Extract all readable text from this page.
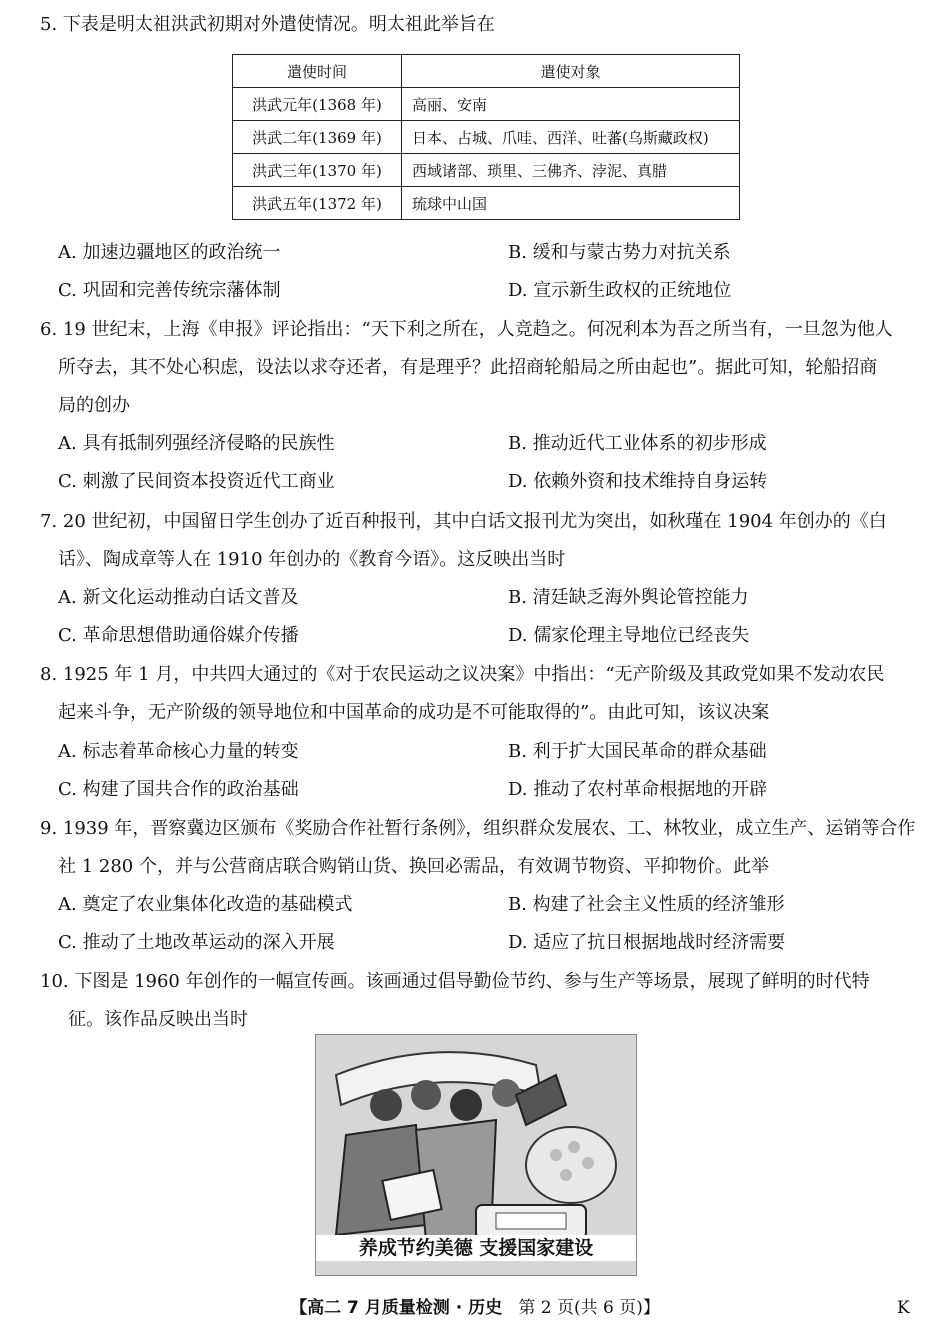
5. 下表是明太祖洪武初期对外遣使情况。明太祖此举旨在
遣使时间	遣使对象
洪武元年(1368 年)	高丽、安南
洪武二年(1369 年)	日本、占城、爪哇、西洋、吐蕃(乌斯藏政权)
洪武三年(1370 年)	西域诸部、琐里、三佛齐、浡泥、真腊
洪武五年(1372 年)	琉球中山国
A. 加速边疆地区的政治统一	B. 缓和与蒙古势力对抗关系
C. 巩固和完善传统宗藩体制	D. 宣示新生政权的正统地位
6. 19 世纪末，上海《申报》评论指出：“天下利之所在，人竞趋之。何况利本为吾之所当有，一旦忽为他人
所夺去，其不处心积虑，设法以求夺还者，有是理乎？此招商轮船局之所由起也”。据此可知，轮船招商
局的创办
A. 具有抵制列强经济侵略的民族性	B. 推动近代工业体系的初步形成
C. 刺激了民间资本投资近代工商业	D. 依赖外资和技术维持自身运转
7. 20 世纪初，中国留日学生创办了近百种报刊，其中白话文报刊尤为突出，如秋瑾在 1904 年创办的《白
话》、陶成章等人在 1910 年创办的《教育今语》。这反映出当时
A. 新文化运动推动白话文普及	B. 清廷缺乏海外舆论管控能力
C. 革命思想借助通俗媒介传播	D. 儒家伦理主导地位已经丧失
8. 1925 年 1 月，中共四大通过的《对于农民运动之议决案》中指出：“无产阶级及其政党如果不发动农民
起来斗争，无产阶级的领导地位和中国革命的成功是不可能取得的”。由此可知，该议决案
A. 标志着革命核心力量的转变	B. 利于扩大国民革命的群众基础
C. 构建了国共合作的政治基础	D. 推动了农村革命根据地的开辟
9. 1939 年，晋察冀边区颁布《奖励合作社暂行条例》，组织群众发展农、工、林牧业，成立生产、运销等合作
社 1 280 个，并与公营商店联合购销山货、换回必需品，有效调节物资、平抑物价。此举
A. 奠定了农业集体化改造的基础模式	B. 构建了社会主义性质的经济雏形
C. 推动了土地改革运动的深入开展	D. 适应了抗日根据地战时经济需要
10. 下图是 1960 年创作的一幅宣传画。该画通过倡导勤俭节约、参与生产等场景，展现了鲜明的时代特
征。该作品反映出当时
养成节约美德 支援国家建设
【高二 7 月质量检测 · 历史 第 2 页(共 6 页)】	K
